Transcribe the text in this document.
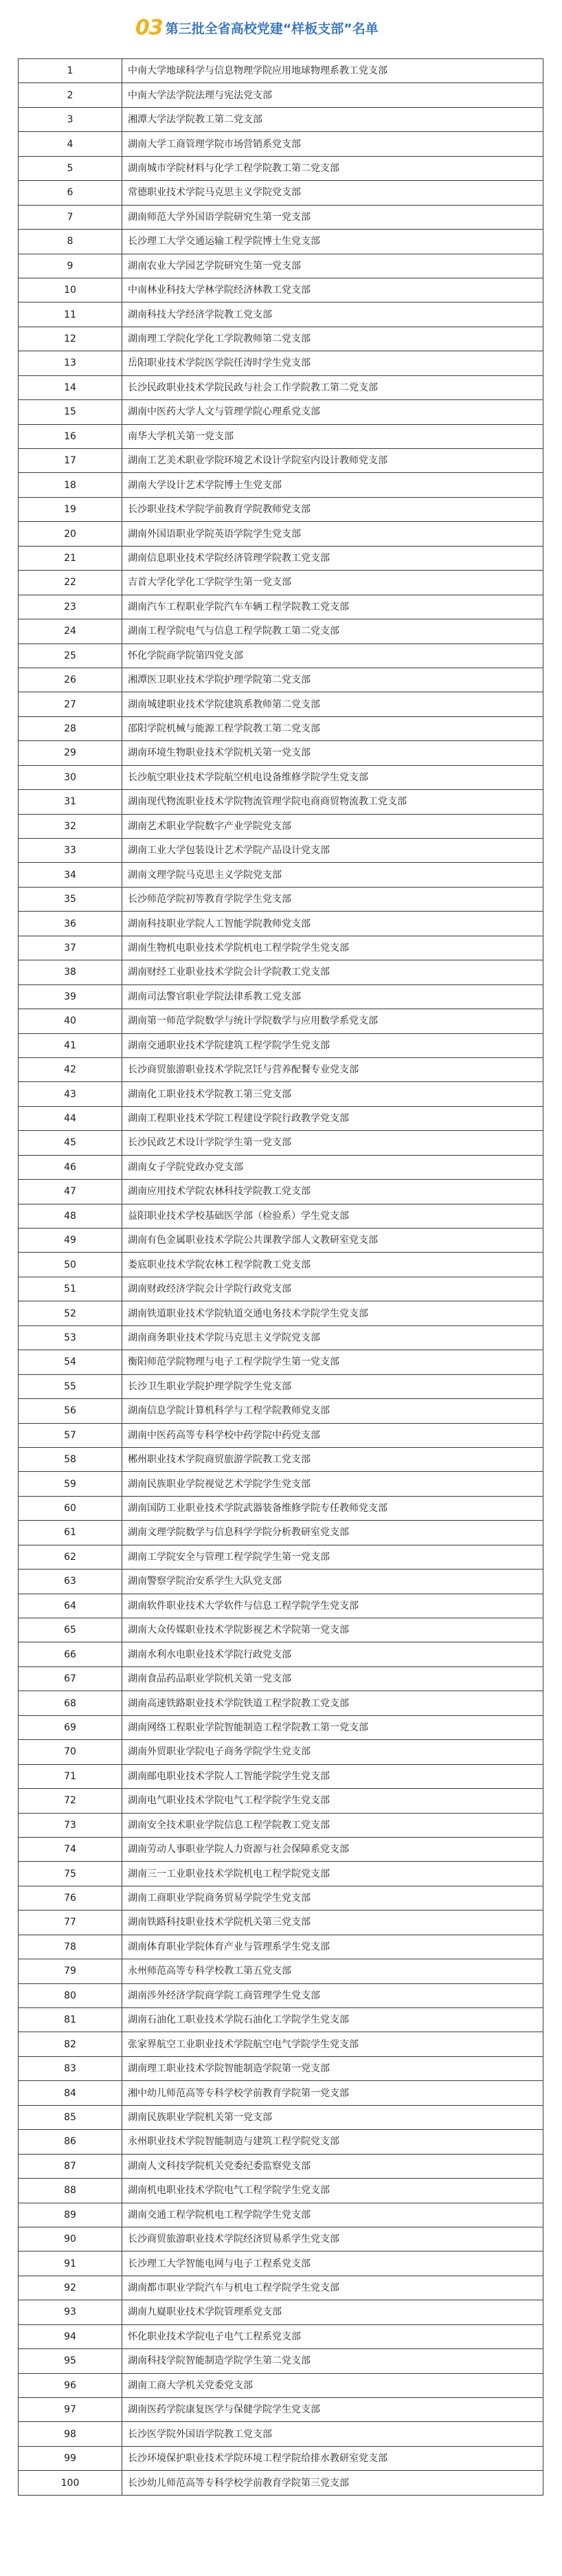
03 第三批全省高校党建“样板支部”名单
1	中南大学地球科学与信息物理学院应用地球物理系教工党支部
2	中南大学法学院法理与宪法党支部
3	湘潭大学法学院教工第二党支部
4	湖南大学工商管理学院市场营销系党支部
5	湖南城市学院材料与化学工程学院教工第二党支部
6	常德职业技术学院马克思主义学院党支部
7	湖南师范大学外国语学院研究生第一党支部
8	长沙理工大学交通运输工程学院博士生党支部
9	湖南农业大学园艺学院研究生第一党支部
10	中南林业科技大学林学院经济林教工党支部
11	湖南科技大学经济学院教工党支部
12	湖南理工学院化学化工学院教师第二党支部
13	岳阳职业技术学院医学院任涛时学生党支部
14	长沙民政职业技术学院民政与社会工作学院教工第二党支部
15	湖南中医药大学人文与管理学院心理系党支部
16	南华大学机关第一党支部
17	湖南工艺美术职业学院环境艺术设计学院室内设计教师党支部
18	湖南大学设计艺术学院博士生党支部
19	长沙职业技术学院学前教育学院教师党支部
20	湖南外国语职业学院英语学院学生党支部
21	湖南信息职业技术学院经济管理学院教工党支部
22	吉首大学化学化工学院学生第一党支部
23	湖南汽车工程职业学院汽车车辆工程学院教工党支部
24	湖南工程学院电气与信息工程学院教工第二党支部
25	怀化学院商学院第四党支部
26	湘潭医卫职业技术学院护理学院第二党支部
27	湖南城建职业技术学院建筑系教师第二党支部
28	邵阳学院机械与能源工程学院教工第二党支部
29	湖南环境生物职业技术学院机关第一党支部
30	长沙航空职业技术学院航空机电设备维修学院学生党支部
31	湖南现代物流职业技术学院物流管理学院电商商贸物流教工党支部
32	湖南艺术职业学院数字产业学院党支部
33	湖南工业大学包装设计艺术学院产品设计党支部
34	湖南文理学院马克思主义学院党支部
35	长沙师范学院初等教育学院学生党支部
36	湖南科技职业学院人工智能学院教师党支部
37	湖南生物机电职业技术学院机电工程学院学生党支部
38	湖南财经工业职业技术学院会计学院教工党支部
39	湖南司法警官职业学院法律系教工党支部
40	湖南第一师范学院数学与统计学院数学与应用数学系党支部
41	湖南交通职业技术学院建筑工程学院学生党支部
42	长沙商贸旅游职业技术学院烹饪与营养配餐专业党支部
43	湖南化工职业技术学院教工第三党支部
44	湖南工程职业技术学院工程建设学院行政教学党支部
45	长沙民政艺术设计学院学生第一党支部
46	湖南女子学院党政办党支部
47	湖南应用技术学院农林科技学院教工党支部
48	益阳职业技术学校基础医学部（检验系）学生党支部
49	湖南有色金属职业技术学院公共课教学部人文教研室党支部
50	娄底职业技术学院农林工程学院教工党支部
51	湖南财政经济学院会计学院行政党支部
52	湖南铁道职业技术学院轨道交通电务技术学院学生党支部
53	湖南商务职业技术学院马克思主义学院党支部
54	衡阳师范学院物理与电子工程学院学生第一党支部
55	长沙卫生职业学院护理学院学生党支部
56	湖南信息学院计算机科学与工程学院教师党支部
57	湖南中医药高等专科学校中药学院中药党支部
58	郴州职业技术学院商贸旅游学院教工党支部
59	湖南民族职业学院视觉艺术学院学生党支部
60	湖南国防工业职业技术学院武器装备维修学院专任教师党支部
61	湖南文理学院数学与信息科学学院分析教研室党支部
62	湖南工学院安全与管理工程学院学生第一党支部
63	湖南警察学院治安系学生大队党支部
64	湖南软件职业技术大学软件与信息工程学院学生党支部
65	湖南大众传媒职业技术学院影视艺术学院第一党支部
66	湖南水利水电职业技术学院行政党支部
67	湖南食品药品职业学院机关第一党支部
68	湖南高速铁路职业技术学院铁道工程学院教工党支部
69	湖南网络工程职业学院智能制造工程学院教工第一党支部
70	湖南外贸职业学院电子商务学院学生党支部
71	湖南邮电职业技术学院人工智能学院学生党支部
72	湖南电气职业技术学院电气工程学院学生党支部
73	湖南安全技术职业学院信息工程学院教工党支部
74	湖南劳动人事职业学院人力资源与社会保障系党支部
75	湖南三一工业职业技术学院机电工程学院党支部
76	湖南工商职业学院商务贸易学院学生党支部
77	湖南铁路科技职业技术学院机关第三党支部
78	湖南体育职业学院体育产业与管理系学生党支部
79	永州师范高等专科学校教工第五党支部
80	湖南涉外经济学院商学院工商管理学生党支部
81	湖南石油化工职业技术学院石油化工学院学生党支部
82	张家界航空工业职业技术学院航空电气学院学生党支部
83	湖南理工职业技术学院智能制造学院第一党支部
84	湘中幼儿师范高等专科学校学前教育学院第一党支部
85	湖南民族职业学院机关第一党支部
86	永州职业技术学院智能制造与建筑工程学院党支部
87	湖南人文科技学院机关党委纪委监察党支部
88	湖南机电职业技术学院电气工程学院学生党支部
89	湖南交通工程学院机电工程学院学生党支部
90	长沙商贸旅游职业技术学院经济贸易系学生党支部
91	长沙理工大学智能电网与电子工程系党支部
92	湖南都市职业学院汽车与机电工程学院学生党支部
93	湖南九嶷职业技术学院管理系党支部
94	怀化职业技术学院电子电气工程系党支部
95	湖南科技学院智能制造学院学生第二党支部
96	湖南工商大学机关党委党支部
97	湖南医药学院康复医学与保健学院学生党支部
98	长沙医学院外国语学院教工党支部
99	长沙环境保护职业技术学院环境工程学院给排水教研室党支部
100	长沙幼儿师范高等专科学校学前教育学院第三党支部
